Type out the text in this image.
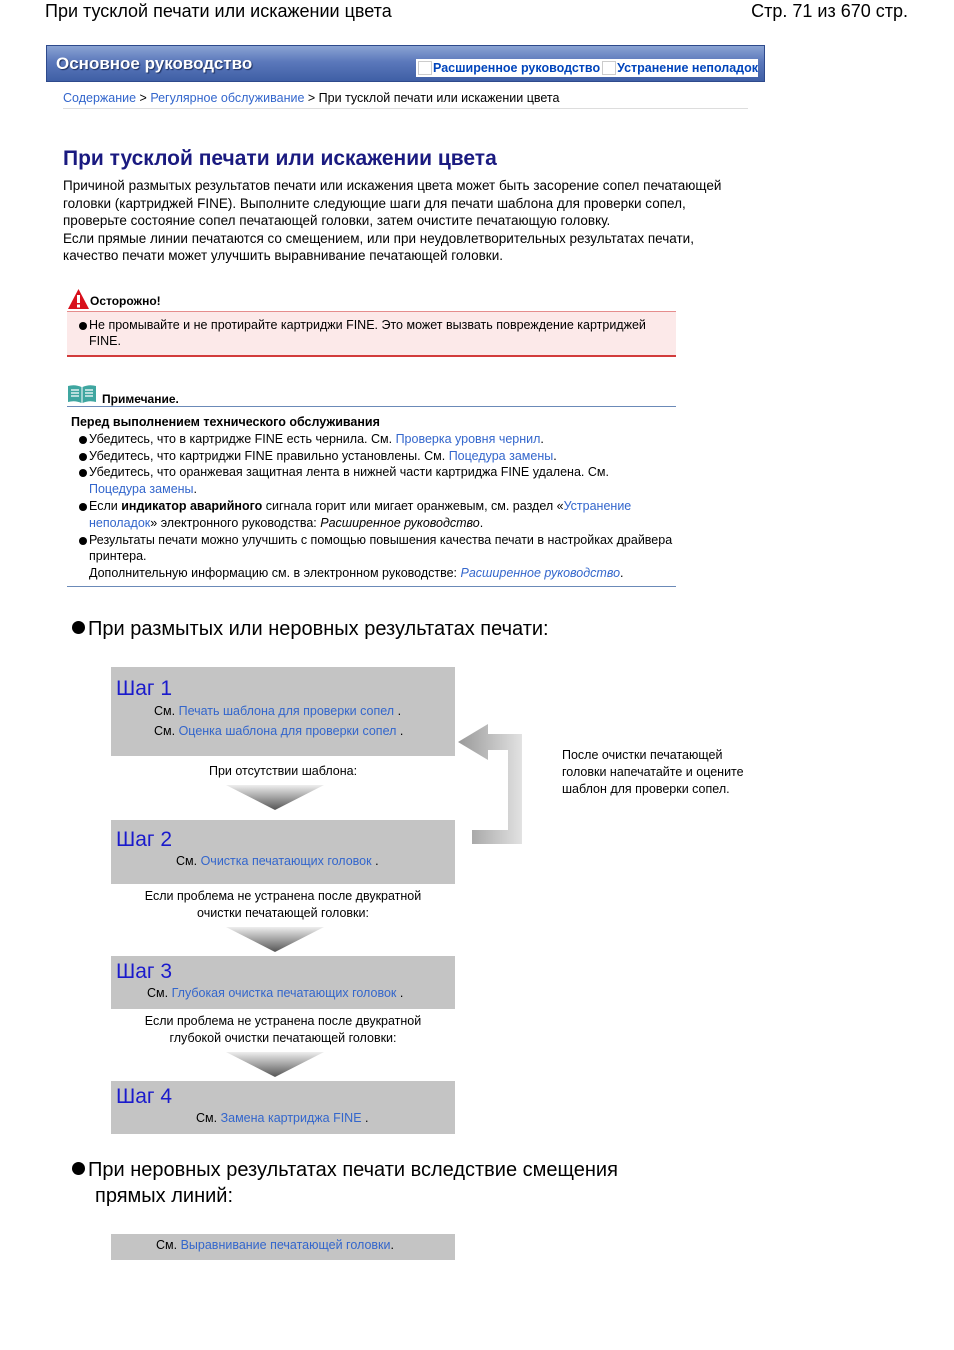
При тусклой печати или искажении цвета	Стр. 71 из 670 стр.
Основное руководство	Расширенное руководство Устранение неполадок
Содержание > Регулярное обслуживание > При тусклой печати или искажении цвета
При тусклой печати или искажении цвета

Причиной размытых результатов печати или искажения цвета может быть засорение сопел печатающей головки (картриджей FINE). Выполните следующие шаги для печати шаблона для проверки сопел, проверьте состояние сопел печатающей головки, затем очистите печатающую головку.

Если прямые линии печатаются со смещением, или при неудовлетворительных результатах печати, качество печати может улучшить выравнивание печатающей головки.

Осторожно!
Не промывайте и не протирайте картриджи FINE. Это может вызвать повреждение картриджей FINE.
Примечание.
Перед выполнением технического обслуживания
Убедитесь, что в картридже FINE есть чернила. См. Проверка уровня чернил.
Убедитесь, что картриджи FINE правильно установлены. См. Поцедура замены.
Убедитесь, что оранжевая защитная лента в нижней части картриджа FINE удалена. См.
Поцедура замены.
Если индикатор аварийного сигнала горит или мигает оранжевым, см. раздел «Устранение неполадок» электронного руководства: Расширенное руководство.
Результаты печати можно улучшить с помощью повышения качества печати в настройках драйвера принтера.
Дополнительную информацию см. в электронном руководстве: Расширенное руководство.
При размытых или неровных результатах печати:
Шаг 1
См. Печать шаблона для проверки сопел .
См. Оценка шаблона для проверки сопел .
При отсутствии шаблона:
После очистки печатающей головки напечатайте и оцените шаблон для проверки сопел.
Шаг 2
См. Очистка печатающих головок .
Если проблема не устранена после двукратной
очистки печатающей головки:
Шаг 3
См. Глубокая очистка печатающих головок .
Если проблема не устранена после двукратной
глубокой очистки печатающей головки:
Шаг 4
См. Замена картриджа FINE .
При неровных результатах печати вследствие смещения
прямых линий:
См. Выравнивание печатающей головки.
